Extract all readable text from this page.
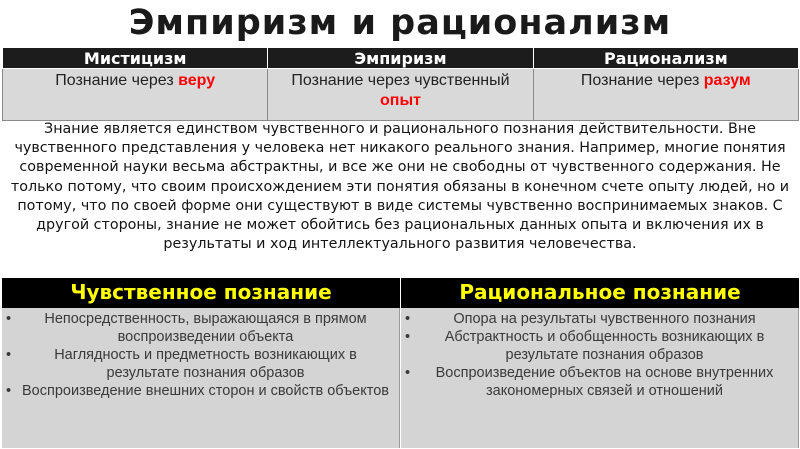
Эмпиризм и рационализм
Мистицизм	Эмпиризм	Рационализм
Познание через веру	Познание через чувственный опыт	Познание через разум
Знание является единством чувственного и рационального познания действительности. Вне чувственного представления у человека нет никакого реального знания. Например, многие понятия современной науки весьма абстрактны, и все же они не свободны от чувственного содержания. Не только потому, что своим происхождением эти понятия обязаны в конечном счете опыту людей, но и потому, что по своей форме они существуют в виде системы чувственно воспринимаемых знаков. С другой стороны, знание не может обойтись без рациональных данных опыта и включения их в результаты и ход интеллектуального развития человечества.
Чувственное познание
• Непосредственность, выражающаяся в прямом воспроизведении объекта
•	Наглядность и предметность возникающих в результате познания образов
• Воспроизведение внешних сторон и свойств объектов
Рациональное познание
•	Опора на результаты чувственного познания
• Абстрактность и обобщенность возникающих в результате познания образов
• Воспроизведение объектов на основе внутренних закономерных связей и отношений
